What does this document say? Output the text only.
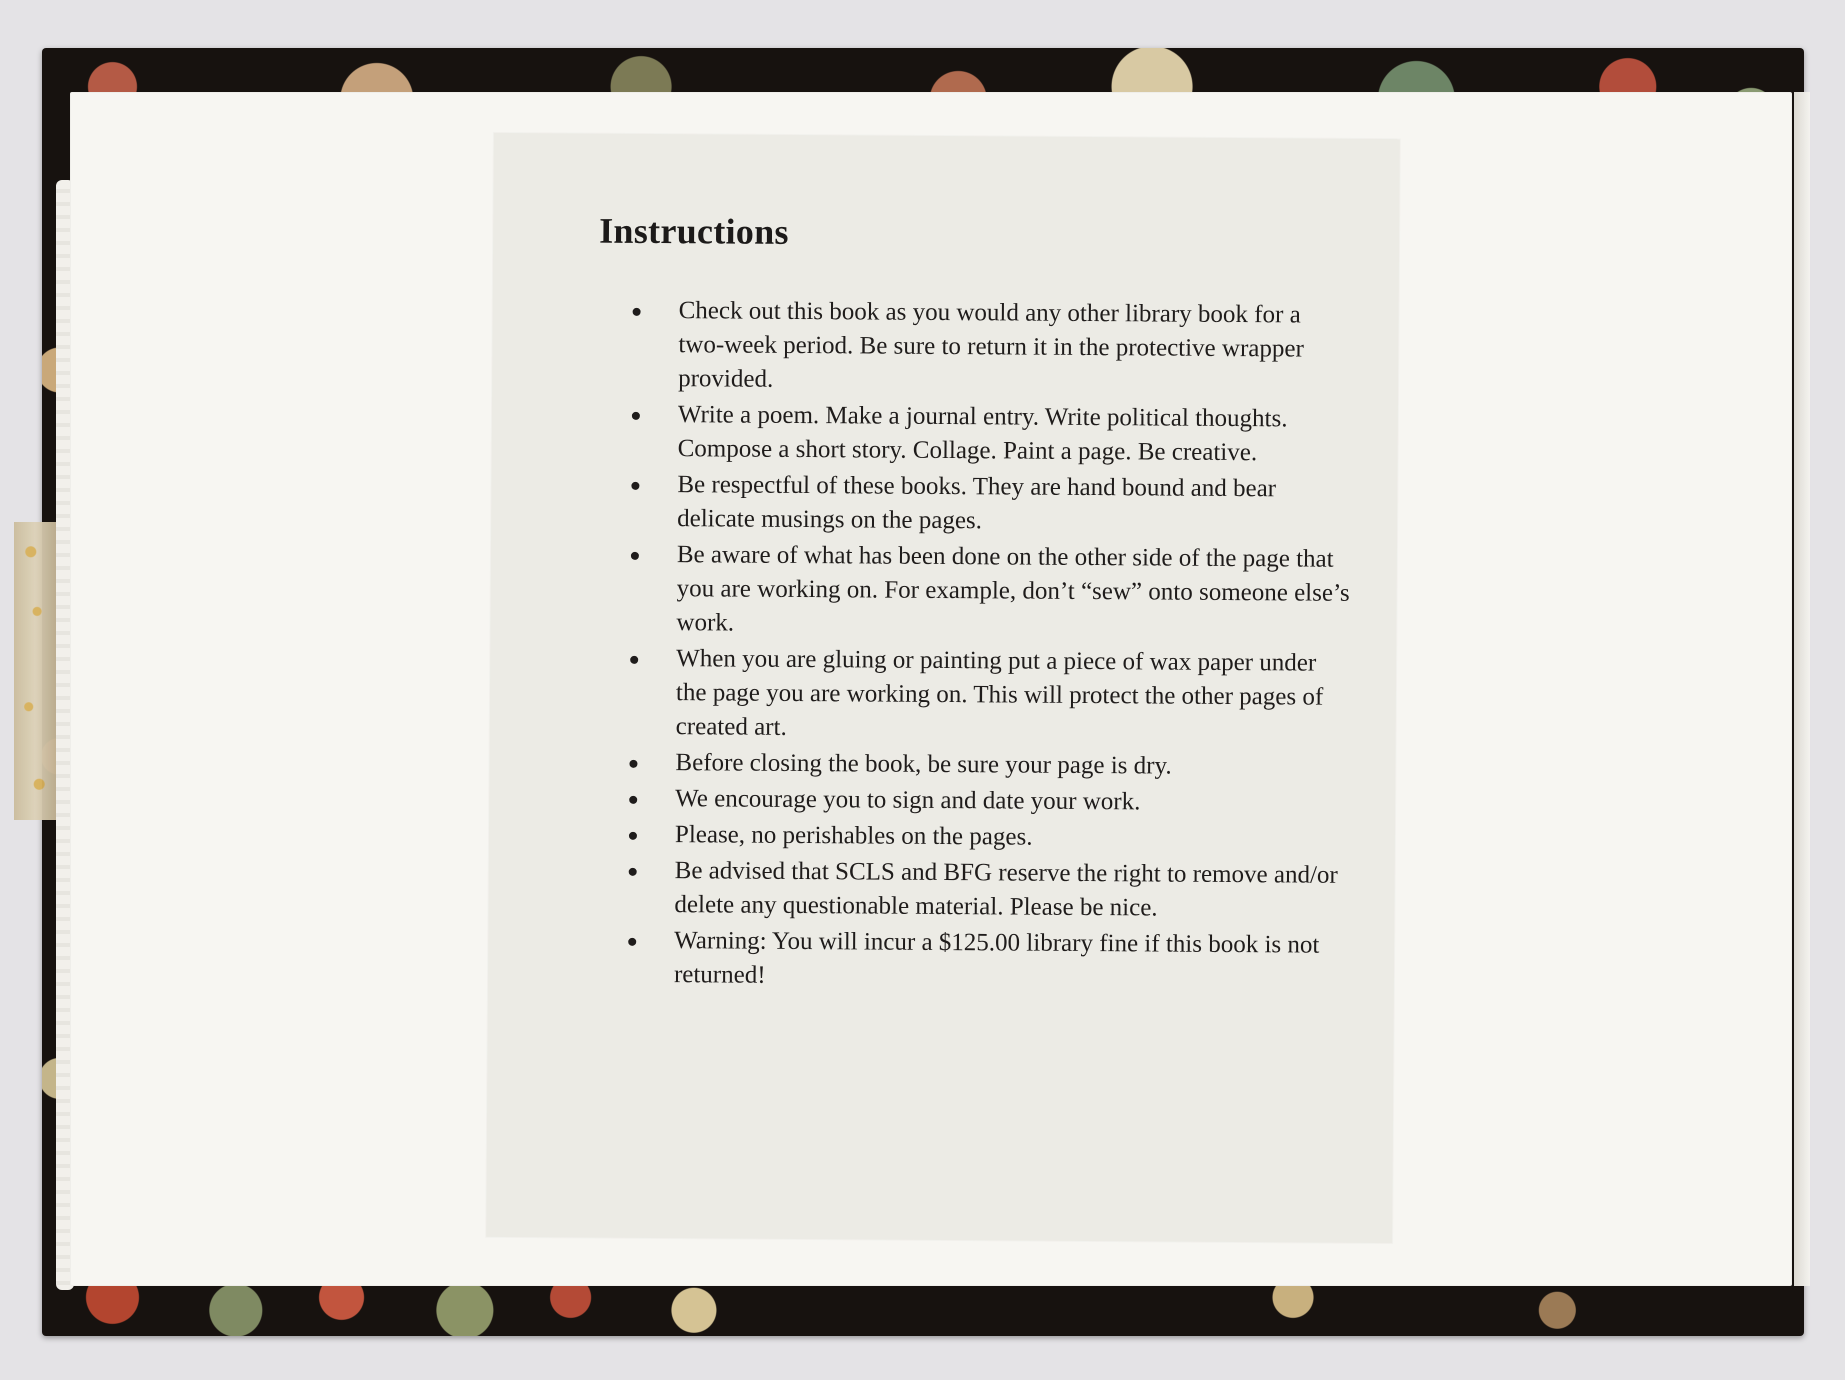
Instructions
Check out this book as you would any other library book for a two-week period. Be sure to return it in the protective wrapper provided.
Write a poem. Make a journal entry. Write political thoughts. Compose a short story. Collage. Paint a page. Be creative.
Be respectful of these books. They are hand bound and bear delicate musings on the pages.
Be aware of what has been done on the other side of the page that you are working on. For example, don’t “sew” onto someone else’s work.
When you are gluing or painting put a piece of wax paper under the page you are working on. This will protect the other pages of created art.
Before closing the book, be sure your page is dry.
We encourage you to sign and date your work.
Please, no perishables on the pages.
Be advised that SCLS and BFG reserve the right to remove and/or delete any questionable material. Please be nice.
Warning: You will incur a $125.00 library fine if this book is not returned!
